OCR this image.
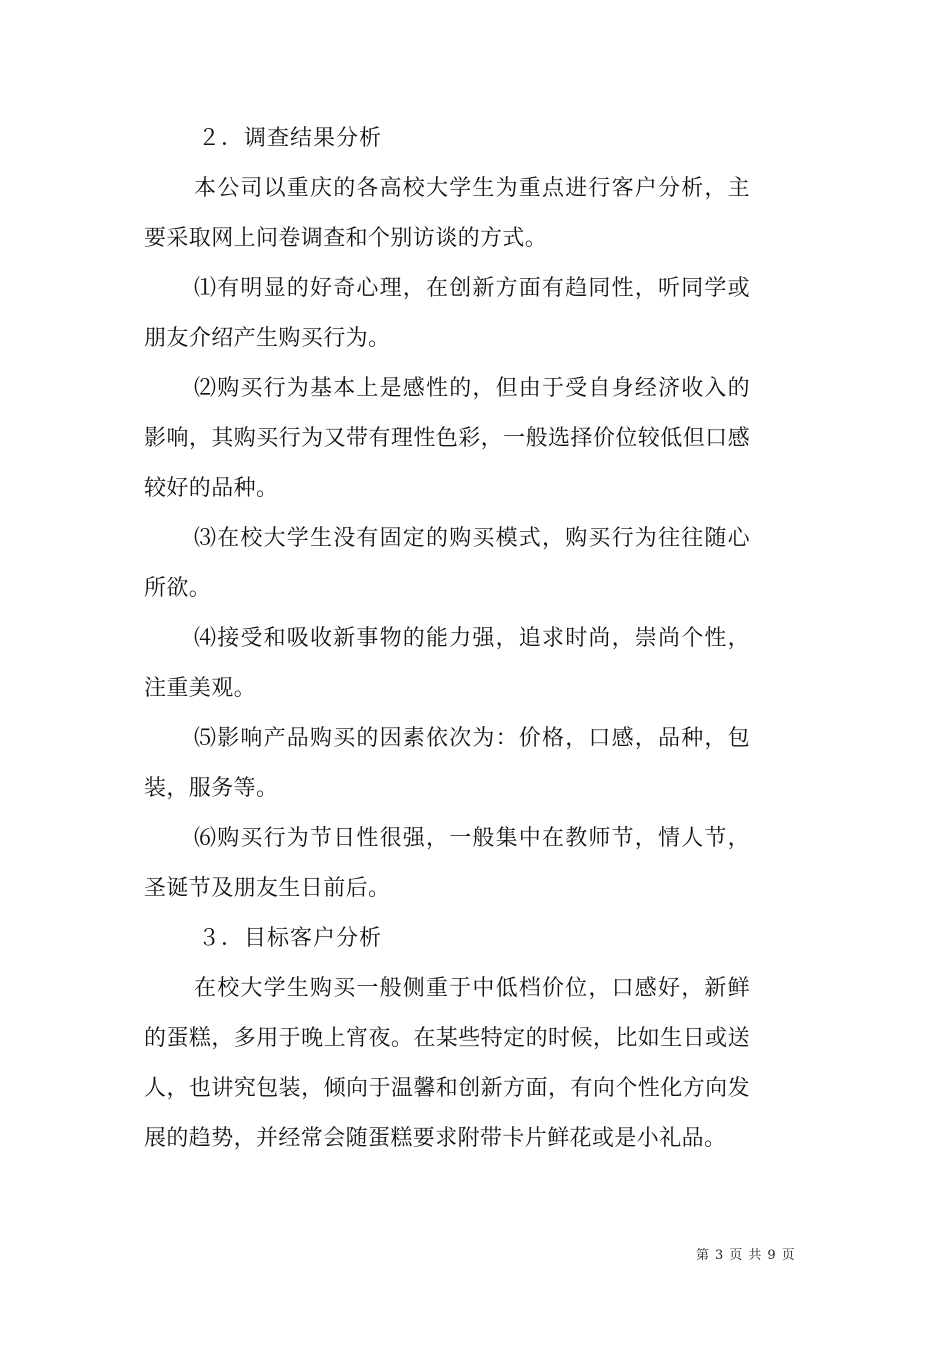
２．调查结果分析

本公司以重庆的各高校大学生为重点进行客户分析，主要采取网上问卷调查和个别访谈的方式。

⑴有明显的好奇心理，在创新方面有趋同性，听同学或朋友介绍产生购买行为。

⑵购买行为基本上是感性的，但由于受自身经济收入的影响，其购买行为又带有理性色彩，一般选择价位较低但口感较好的品种。

⑶在校大学生没有固定的购买模式，购买行为往往随心所欲。

⑷接受和吸收新事物的能力强，追求时尚，崇尚个性，注重美观。

⑸影响产品购买的因素依次为：价格，口感，品种，包装，服务等。

⑹购买行为节日性很强，一般集中在教师节，情人节，圣诞节及朋友生日前后。

３．目标客户分析

在校大学生购买一般侧重于中低档价位，口感好，新鲜的蛋糕，多用于晚上宵夜。在某些特定的时候，比如生日或送人，也讲究包装，倾向于温馨和创新方面，有向个性化方向发展的趋势，并经常会随蛋糕要求附带卡片鲜花或是小礼品。

第 3 页 共 9 页
